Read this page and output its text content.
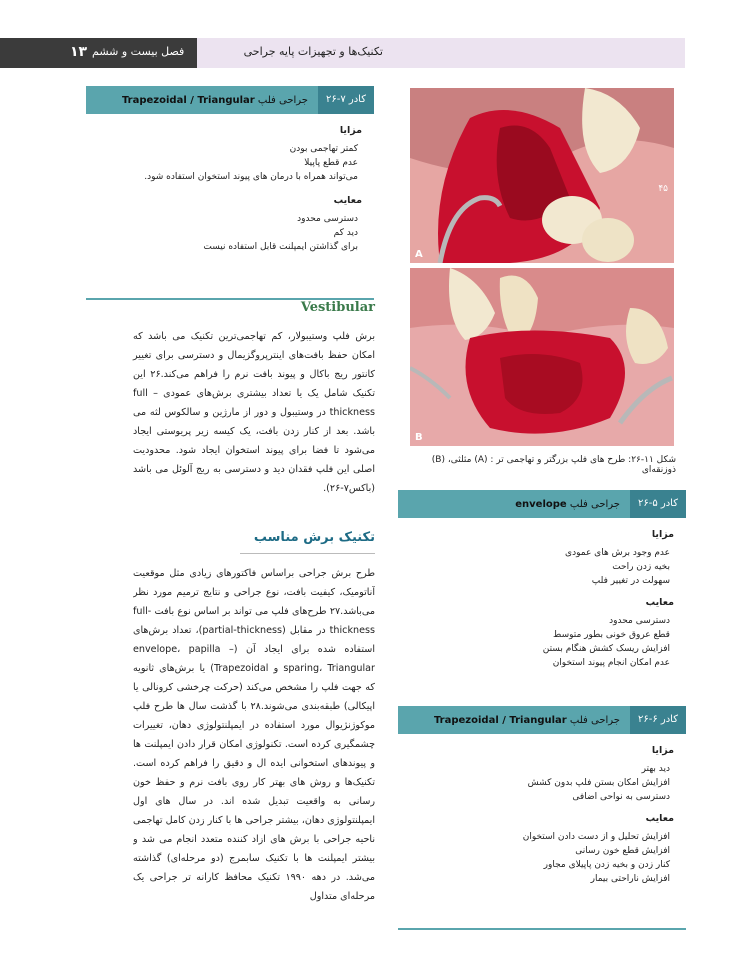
۱۳ فصل بیست و ششم	تکنیک‌ها و تجهیزات پایه جراحی
کادر ۷-۲۶
جراحی فلپ Trapezoidal / Triangular
مزایا
کمتر تهاجمی بودن
عدم قطع پاپیلا
می‌تواند همراه با درمان های پیوند استخوان استفاده شود.
معایب
دسترسی محدود
دید کم
برای گذاشتن ایمپلنت قابل استفاده نیست
Vestibular
برش فلپ وستیبولار، کم تهاجمی‌ترین تکنیک می باشد که امکان حفظ بافت‌های اینترپروگزیمال و دسترسی برای تغییر کانتور ریج باکال و پیوند بافت نرم را فراهم می‌کند.۲۶ این تکنیک شامل یک یا تعداد بیشتری برش‌های عمودی full – thickness در وستیبول و دور از مارژین و سالکوس لثه می باشد. بعد از کنار زدن بافت، یک کیسه زیر پریوستی ایجاد می‌شود تا فضا برای پیوند استخوان ایجاد شود. محدودیت اصلی این فلپ فقدان دید و دسترسی به ریج آلوئل می باشد (باکس۷-۲۶).
تکنیک برش مناسب
طرح برش جراحی براساس فاکتورهای زیادی مثل موقعیت آناتومیک، کیفیت بافت، نوع جراحی و نتایج ترمیم مورد نظر می‌باشد.۲۷ طرح‌های فلپ می تواند بر اساس نوع بافت full-thickness در مقابل (partial-thickness)، تعداد برش‌های استفاده شده برای ایجاد آن (envelope، papilla – sparing، Triangular و Trapezoidal) یا برش‌های ثانویه که جهت فلپ را مشخص می‌کند (حرکت چرخشی کرونالی یا اپیکالی) طبقه‌بندی می‌شوند.۲۸ با گذشت سال ها طرح فلپ موکوژنژیوال مورد استفاده در ایمپلنتولوژی دهان، تغییرات چشمگیری کرده است. تکنولوژی امکان قرار دادن ایمپلنت ها و پیوندهای استخوانی ایده ال و دقیق را فراهم کرده است. تکنیک‌ها و روش های بهتر کار روی بافت نرم و حفظ خون رسانی به واقعیت تبدیل شده اند. در سال های اول ایمپلنتولوژی دهان، بیشتر جراحی ها با کنار زدن کامل تهاجمی ناحیه جراحی با برش های ازاد کننده متعدد انجام می شد و بیشتر ایمپلنت ها با تکنیک سابمرج (دو مرحله‌ای) گذاشته می‌شد. در دهه ۱۹۹۰ تکنیک محافظ کارانه تر جراحی یک مرحله‌ای متداول
۴۵
A
B
شکل ۱۱-۲۶: طرح های فلپ بزرگتر و تهاجمی تر : (A) مثلثی، (B) ذوزنقه‌ای
کادر ۵-۲۶
جراحی فلپ envelope
مزایا
عدم وجود برش های عمودی
بخیه زدن راحت
سهولت در تغییر فلپ
معایب
دسترسی محدود
قطع عروق خونی بطور متوسط
افزایش ریسک کشش هنگام بستن
عدم امکان انجام پیوند استخوان
کادر ۶-۲۶
جراحی فلپ Trapezoidal / Triangular
مزایا
دید بهتر
افزایش امکان بستن فلپ بدون کشش
دسترسی به نواحی اضافی
معایب
افزایش تحلیل و از دست دادن استخوان
افزایش قطع خون رسانی
کنار زدن و بخیه زدن پاپیلای مجاور
افزایش ناراحتی بیمار
